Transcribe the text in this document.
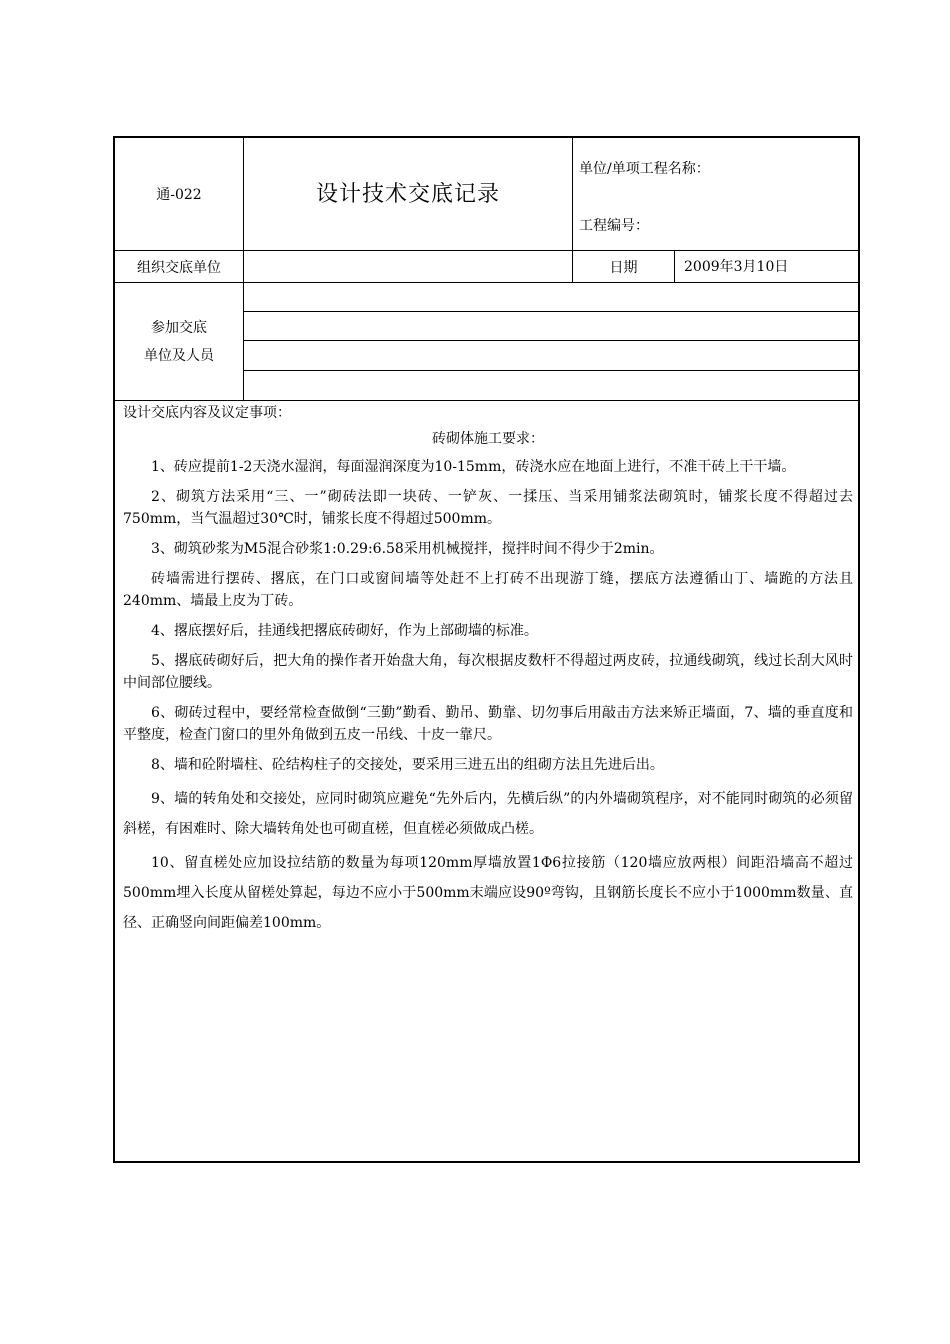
通-022	设计技术交底记录
单位/单项工程名称：
工程编号：
组织交底单位	日期	2009年3月10日
参加交底
单位及人员

设计交底内容及议定事项：

砖砌体施工要求：

1、砖应提前1-2天浇水湿润，每面湿润深度为10-15mm，砖浇水应在地面上进行，不准干砖上干干墙。

2、砌筑方法采用“三、一”砌砖法即一块砖、一铲灰、一揉压、当采用铺浆法砌筑时，铺浆长度不得超过去750mm，当气温超过30℃时，铺浆长度不得超过500mm。

3、砌筑砂浆为M5混合砂浆1:0.29:6.58采用机械搅拌，搅拌时间不得少于2min。

砖墙需进行摆砖、撂底，在门口或窗间墙等处赶不上打砖不出现游丁缝，摆底方法遵循山丁、墙跪的方法且240mm、墙最上皮为丁砖。

4、撂底摆好后，挂通线把撂底砖砌好，作为上部砌墙的标准。

5、撂底砖砌好后，把大角的操作者开始盘大角，每次根据皮数杆不得超过两皮砖，拉通线砌筑，线过长刮大风时中间部位腰线。

6、砌砖过程中，要经常检查做倒“三勤”勤看、勤吊、勤靠、切勿事后用敲击方法来矫正墙面，7、墙的垂直度和平整度，检查门窗口的里外角做到五皮一吊线、十皮一靠尺。

8、墙和砼附墙柱、砼结构柱子的交接处，要采用三进五出的组砌方法且先进后出。

9、墙的转角处和交接处，应同时砌筑应避免“先外后内，先横后纵”的内外墙砌筑程序，对不能同时砌筑的必须留斜槎，有困难时、除大墙转角处也可砌直槎，但直槎必须做成凸槎。

10、留直槎处应加设拉结筋的数量为每项120mm厚墙放置1Φ6拉接筋（120墙应放两根）间距沿墙高不超过500mm埋入长度从留槎处算起，每边不应小于500mm末端应设90º弯钩，且钢筋长度长不应小于1000mm数量、直径、正确竖向间距偏差100mm。
